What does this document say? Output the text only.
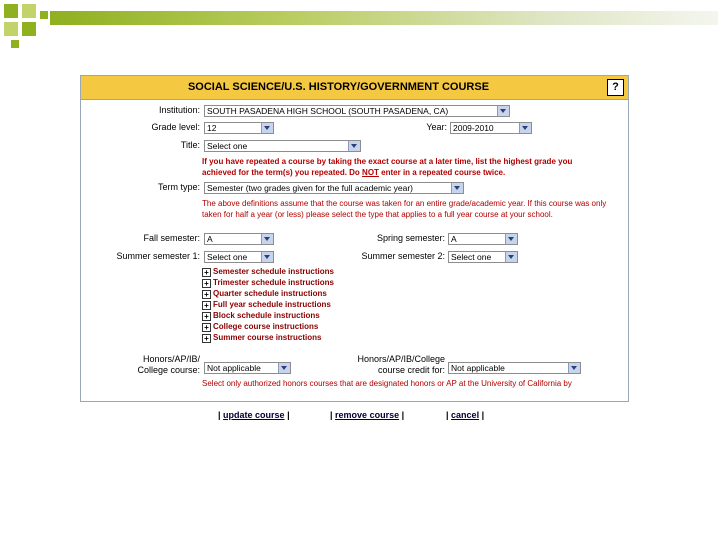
SOCIAL SCIENCE/U.S. HISTORY/GOVERNMENT COURSE	?
Institution: SOUTH PASADENA HIGH SCHOOL (SOUTH PASADENA, CA)
Grade level: 12	Year: 2009-2010
Title: Select one
If you have repeated a course by taking the exact course at a later time, list the highest grade you
achieved for the term(s) you repeated. Do NOT enter in a repeated course twice.
Term type: Semester (two grades given for the full academic year)
The above definitions assume that the course was taken for an entire grade/academic year. If this course was only
taken for half a year (or less) please select the type that applies to a full year course at your school.
Fall semester: A	Spring semester: A
Summer semester 1: Select one	Summer semester 2: Select one
+ Semester schedule instructions
+ Trimester schedule instructions
+ Quarter schedule instructions
+ Full year schedule instructions
+ Block schedule instructions
+ College course instructions
+ Summer course instructions
Honors/AP/IB/
College course: Not applicable
Honors/AP/IB/College
course credit for: Not applicable
Select only authorized honors courses that are designated honors or AP at the University of California by
| update course |	| remove course |	| cancel |
